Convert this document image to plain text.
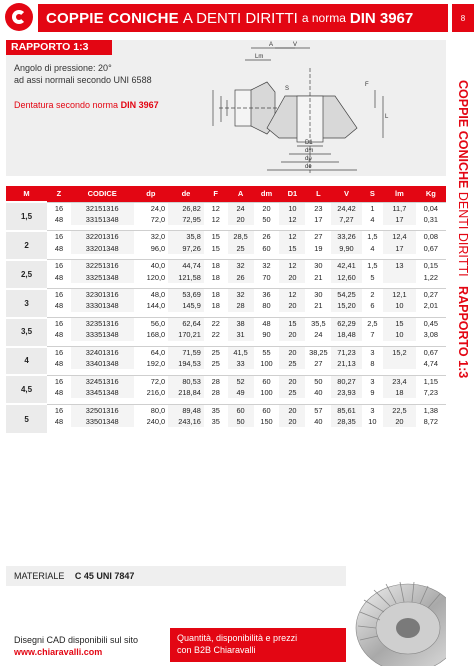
COPPIE CONICHE A DENTI DIRITTI a norma DIN 3967	8
COPPIE CONICHE DENTI DIRITTI RAPPORTO 1:3
RAPPORTO 1:3
Angolo di pressione: 20°
ad assi normali secondo UNI 6588
Dentatura secondo norma DIN 3967
A	V
Lm
S
L
D1
dm
dp
de
F
M	Z	CODICE	dp	de	F	A	dm	D1	L	V	S	lm	Kg
1,5	16	32151316	24,0	26,82	12	24	20	10	23	24,42	1	11,7	0,04
	48	33151348	72,0	72,95	12	20	50	12	17	7,27	4	17	0,31

2	16	32201316	32,0	35,8	15	28,5	26	12	27	33,26	1,5	12,4	0,08
	48	33201348	96,0	97,26	15	25	60	15	19	9,90	4	17	0,67

2,5	16	32251316	40,0	44,74	18	32	32	12	30	42,41	1,5	13	0,15
	48	33251348	120,0	121,58	18	26	70	20	21	12,60	5		1,22

3	16	32301316	48,0	53,69	18	32	36	12	30	54,25	2	12,1	0,27
	48	33301348	144,0	145,9	18	28	80	20	21	15,20	6	10	2,01

3,5	16	32351316	56,0	62,64	22	38	48	15	35,5	62,29	2,5	15	0,45
	48	33351348	168,0	170,21	22	31	90	20	24	18,48	7	10	3,08

4	16	32401316	64,0	71,59	25	41,5	55	20	38,25	71,23	3	15,2	0,67
	48	33401348	192,0	194,53	25	33	100	25	27	21,13	8		4,74

4,5	16	32451316	72,0	80,53	28	52	60	20	50	80,27	3	23,4	1,15
	48	33451348	216,0	218,84	28	49	100	25	40	23,93	9	18	7,23

5	16	32501316	80,0	89,48	35	60	60	20	57	85,61	3	22,5	1,38
	48	33501348	240,0	243,16	35	50	150	20	40	28,35	10	20	8,72

MATERIALE C 45 UNI 7847
Disegni CAD disponibili sul sito
www.chiaravalli.com
Quantità, disponibilità e prezzi
con B2B Chiaravalli
